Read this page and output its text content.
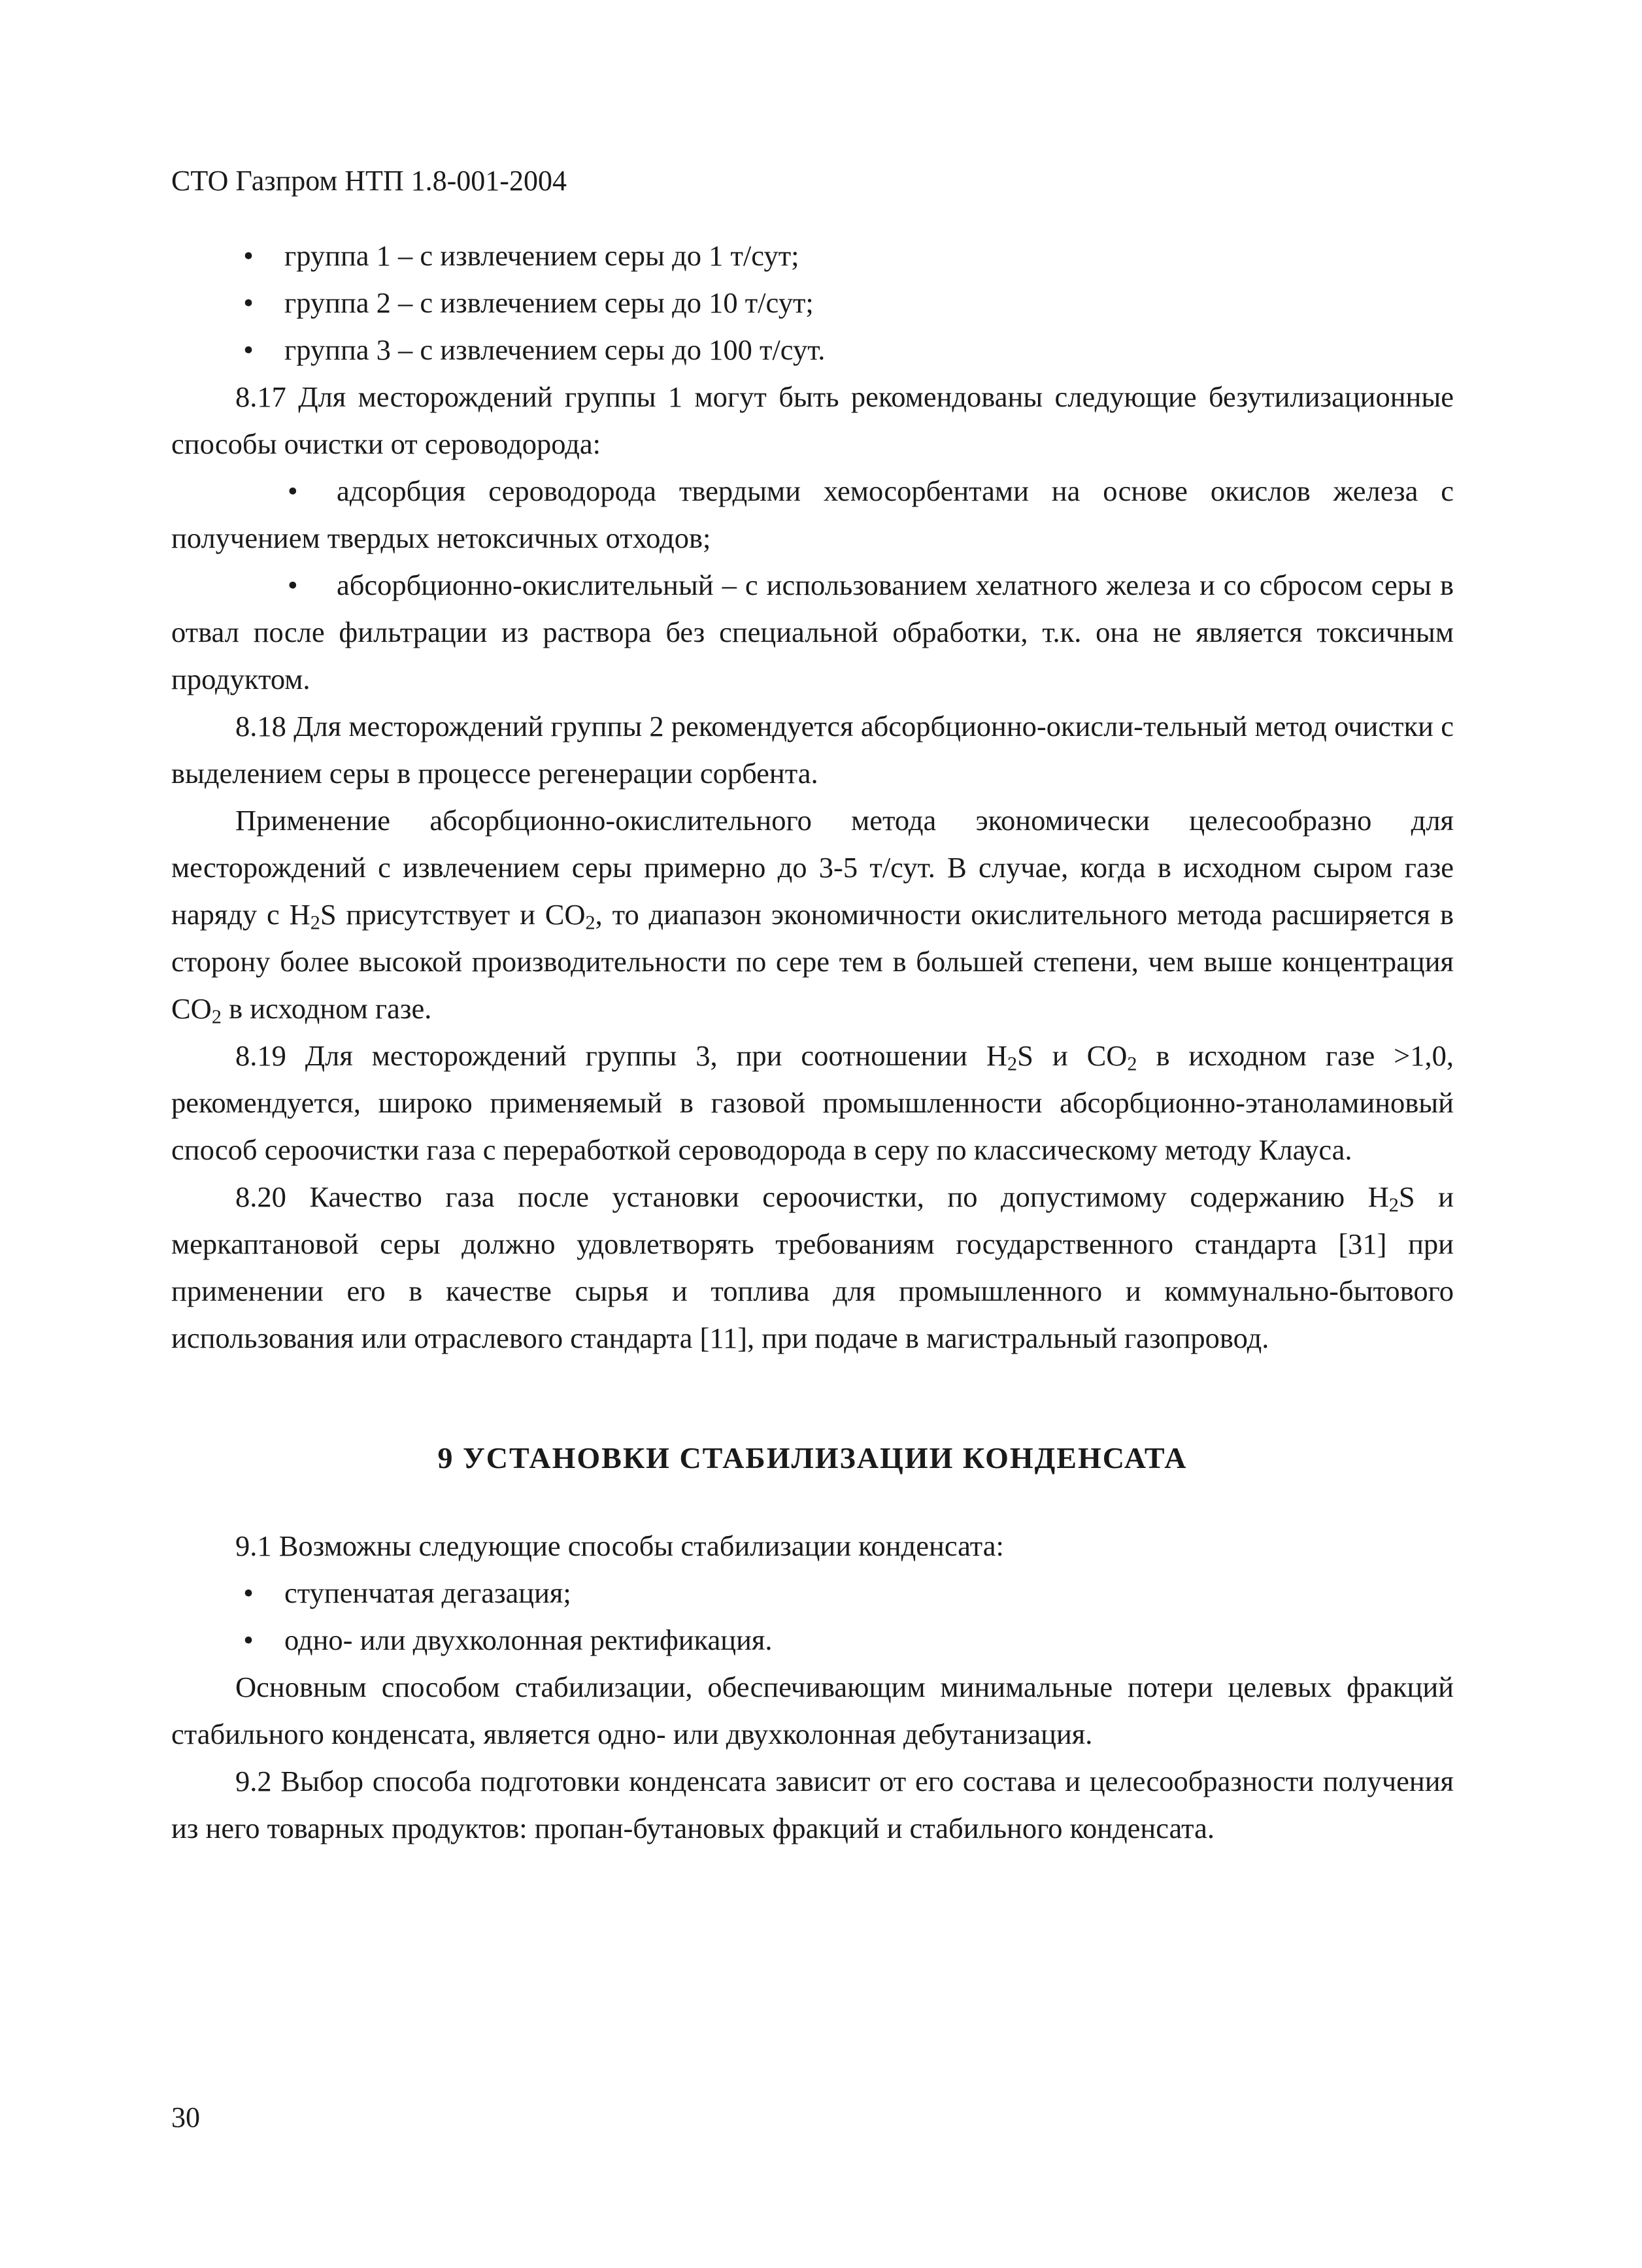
СТО Газпром НТП 1.8-001-2004
• группа 1 – с извлечением серы до 1 т/сут;
• группа 2 – с извлечением серы до 10 т/сут;
• группа 3 – с извлечением серы до 100 т/сут.

8.17 Для месторождений группы 1 могут быть рекомендованы следующие безутилизационные способы очистки от сероводорода:

• адсорбция сероводорода твердыми хемосорбентами на основе окислов железа с получением твердых нетоксичных отходов;
• абсорбционно-окислительный – с использованием хелатного железа и со сбросом серы в отвал после фильтрации из раствора без специальной обработки, т.к. она не является токсичным продуктом.

8.18 Для месторождений группы 2 рекомендуется абсорбционно-окисли-тельный метод очистки с выделением серы в процессе регенерации сорбента.

Применение абсорбционно-окислительного метода экономически целесообразно для месторождений с извлечением серы примерно до 3-5 т/сут. В случае, когда в исходном сыром газе наряду с $H_2S$ присутствует и $CO_2$, то диапазон экономичности окислительного метода расширяется в сторону более высокой производительности по сере тем в большей степени, чем выше концентрация $CO_2$ в исходном газе.

8.19 Для месторождений группы 3, при соотношении $H_2S$ и $CO_2$ в исходном газе >1,0, рекомендуется, широко применяемый в газовой промышленности абсорбционно-этаноламиновый способ сероочистки газа с переработкой сероводорода в серу по классическому методу Клауса.

8.20 Качество газа после установки сероочистки, по допустимому содержанию $H_2S$ и меркаптановой серы должно удовлетворять требованиям государственного стандарта [31] при применении его в качестве сырья и топлива для промышленного и коммунально-бытового использования или отраслевого стандарта [11], при подаче в магистральный газопровод.

9 УСТАНОВКИ СТАБИЛИЗАЦИИ КОНДЕНСАТА

9.1 Возможны следующие способы стабилизации конденсата:

• ступенчатая дегазация;
• одно- или двухколонная ректификация.

Основным способом стабилизации, обеспечивающим минимальные потери целевых фракций стабильного конденсата, является одно- или двухколонная дебутанизация.

9.2 Выбор способа подготовки конденсата зависит от его состава и целесообразности получения из него товарных продуктов: пропан-бутановых фракций и стабильного конденсата.

30
